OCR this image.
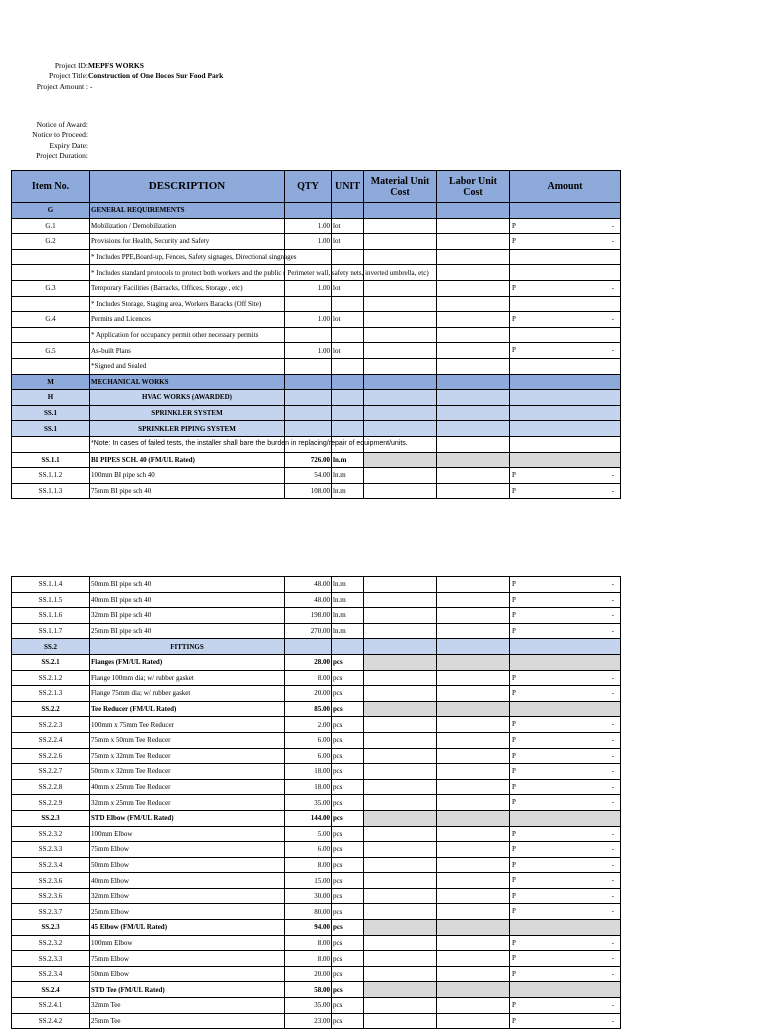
Project ID: MEPFS WORKS
Project Title: Construction of One Ilocos Sur Food Park
Project Amount : -
Notice of Award:
Notice to Proceed:
Expiry Date:
Project Duration:
Item No.	DESCRIPTION	QTY	UNIT	Material Unit Cost	Labor Unit Cost	Amount
G	GENERAL REQUIREMENTS					
G.1	Mobilization / Demobilization	1.00	lot			P -

G.2	Provisions for Health, Security and Safety	1.00	lot			P -

	* Includes PPE,Board-up, Fences, Safety signages, Directional singnages					
	* Includes standard protocols to protect both workers and the public ( Perimeter wall, safety nets, inverted umbrella, etc)					
G.3	Temporary Facilities (Barracks, Offices, Storage , etc)	1.00	lot			P -

	* Includes Storage, Staging area, Workers Baracks (Off Site)					
G.4	Permits and Licences	1.00	lot			P -

	* Application for occupancy permit other necessary permits					
G.5	As-built Plans	1.00	lot			P -

	*Signed and Sealed					
M	MECHANICAL WORKS					
H	HVAC WORKS (AWARDED)					
SS.1	SPRINKLER SYSTEM					
SS.1	SPRINKLER PIPING SYSTEM					
	*Note: In cases of failed tests, the installer shall bare the burden in replacing/repair of equipment/units.					
SS.1.1	BI PIPES SCH. 40 (FM/UL Rated)	726.00	ln.m			
SS.1.1.2	100mm BI pipe sch 40	54.00	ln.m			P -

SS.1.1.3	75mm BI pipe sch 40	108.00	ln.m			P -
SS.1.1.4	50mm BI pipe sch 40	48.00	ln.m			P -

SS.1.1.5	40mm BI pipe sch 40	48.00	ln.m			P -

SS.1.1.6	32mm BI pipe sch 40	198.00	ln.m			P -

SS.1.1.7	25mm BI pipe sch 40	270.00	ln.m			P -

SS.2	FITTINGS					
SS.2.1	Flanges (FM/UL Rated)	28.00	pcs			
SS.2.1.2	Flange 100mm dia; w/ rubber gasket	8.00	pcs			P -

SS.2.1.3	Flange 75mm dia; w/ rubber gasket	20.00	pcs			P -

SS.2.2	Tee Reducer (FM/UL Rated)	85.00	pcs			
SS.2.2.3	100mm x 75mm Tee Reducer	2.00	pcs			P -

SS.2.2.4	75mm x 50mm Tee Reducer	6.00	pcs			P -

SS.2.2.6	75mm x 32mm Tee Reducer	6.00	pcs			P -

SS.2.2.7	50mm x 32mm Tee Reducer	18.00	pcs			P -

SS.2.2.8	40mm x 25mm Tee Reducer	18.00	pcs			P -

SS.2.2.9	32mm x 25mm Tee Reducer	35.00	pcs			P -

SS.2.3	STD Elbow (FM/UL Rated)	144.00	pcs			
SS.2.3.2	100mm Elbow	5.00	pcs			P -

SS.2.3.3	75mm Elbow	6.00	pcs			P -

SS.2.3.4	50mm Elbow	8.00	pcs			P -

SS.2.3.6	40mm Elbow	15.00	pcs			P -

SS.2.3.6	32mm Elbow	30.00	pcs			P -

SS.2.3.7	25mm Elbow	80.00	pcs			P -

SS.2.3	45 Elbow (FM/UL Rated)	94.00	pcs			
SS.2.3.2	100mm Elbow	8.00	pcs			P -

SS.2.3.3	75mm Elbow	8.00	pcs			P -

SS.2.3.4	50mm Elbow	20.00	pcs			P -

SS.2.4	STD Tee (FM/UL Rated)	58.00	pcs			
SS.2.4.1	32mm Tee	35.00	pcs			P -

SS.2.4.2	25mm Tee	23.00	pcs			P -
